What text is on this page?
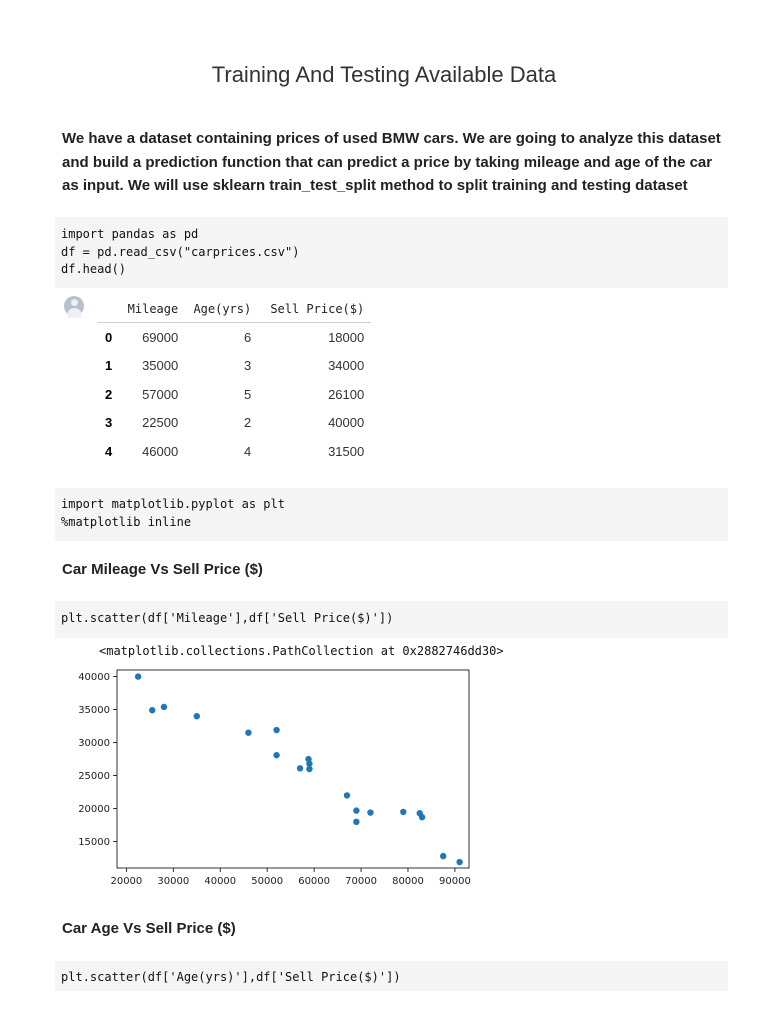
Training And Testing Available Data
We have a dataset containing prices of used BMW cars. We are going to analyze this dataset and build a prediction function that can predict a price by taking mileage and age of the car as input. We will use sklearn train_test_split method to split training and testing dataset
import pandas as pd
df = pd.read_csv("carprices.csv")
df.head()
	Mileage	Age(yrs)	Sell Price($)
0	69000	6	18000
1	35000	3	34000
2	57000	5	26100
3	22500	2	40000
4	46000	4	31500
import matplotlib.pyplot as plt
%matplotlib inline
Car Mileage Vs Sell Price ($)
plt.scatter(df['Mileage'],df['Sell Price($)'])
<matplotlib.collections.PathCollection at 0x2882746dd30>
20000 30000 40000 50000 60000 70000 80000 90000
15000
20000
25000
30000
35000
40000
Car Age Vs Sell Price ($)
plt.scatter(df['Age(yrs)'],df['Sell Price($)'])
